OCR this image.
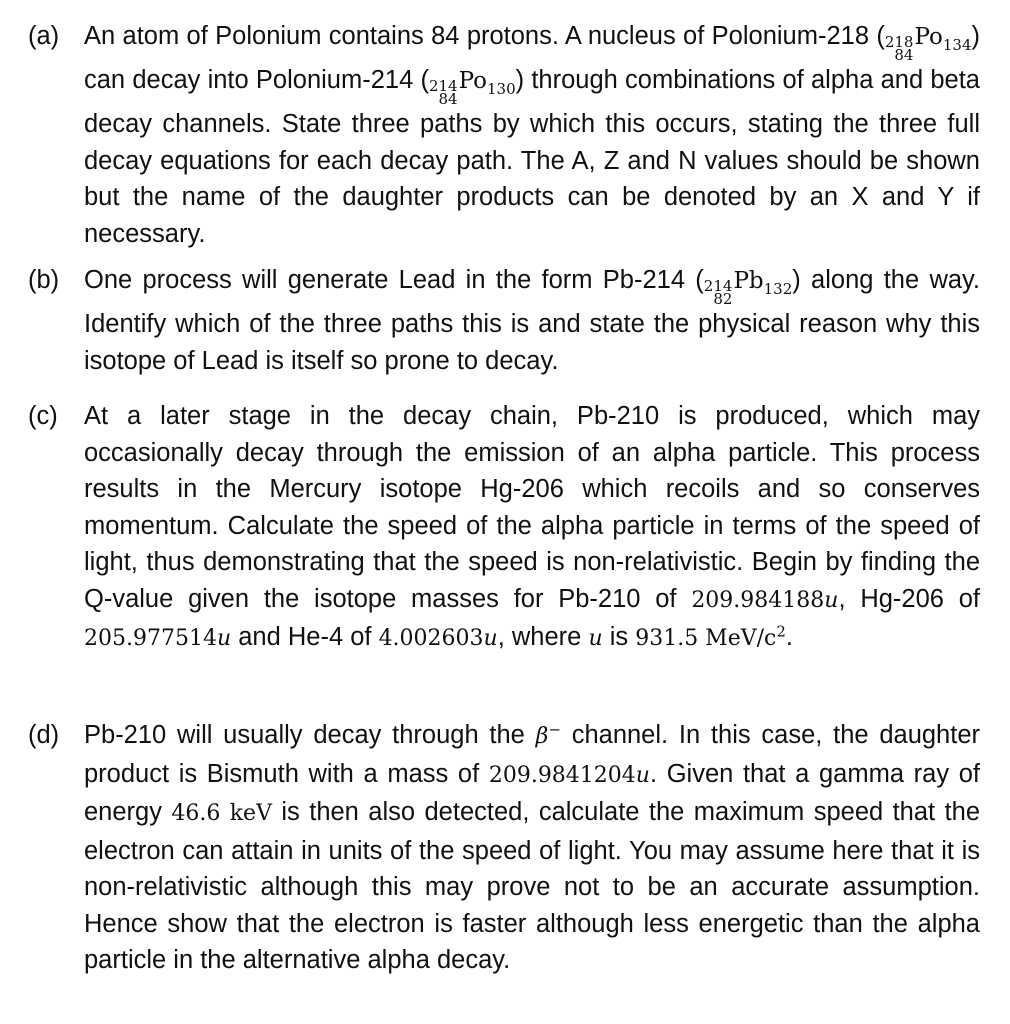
(a) An atom of Polonium contains 84 protons. A nucleus of Polonium-218 ( 218
84
$Po_{134}$) can decay into Polonium-214 ( 214
84
$Po_{130}$) through combinations of alpha and beta decay channels. State three paths by which this occurs, stating the three full decay equations for each decay path. The A, Z and N values should be shown but the name of the daughter products can be denoted by an X and Y if necessary.
(b) One process will generate Lead in the form Pb-214 ( 214
82
$Pb_{132}$) along the way. Identify which of the three paths this is and state the physical reason why this isotope of Lead is itself so prone to decay.
(c)	At a later stage in the decay chain, Pb-210 is produced, which may occasionally decay through the emission of an alpha particle. This process results in the Mercury isotope Hg-206 which recoils and so conserves momentum. Calculate the speed of the alpha particle in terms of the speed of light, thus demonstrating that the speed is non-relativistic. Begin by finding the Q-value given the isotope masses for Pb-210 of 209.984188u, Hg-206 of 205.977514u and He-4 of 4.002603u, where u is 931.5 MeV/$c^2$.
(d) Pb-210 will usually decay through the β− channel. In this case, the daughter product is Bismuth with a mass of 209.9841204u. Given that a gamma ray of energy 46.6 keV is then also detected, calculate the maximum speed that the electron can attain in units of the speed of light. You may assume here that it is non-relativistic although this may prove not to be an accurate assumption. Hence show that the electron is faster although less energetic than the alpha particle in the alternative alpha decay.
